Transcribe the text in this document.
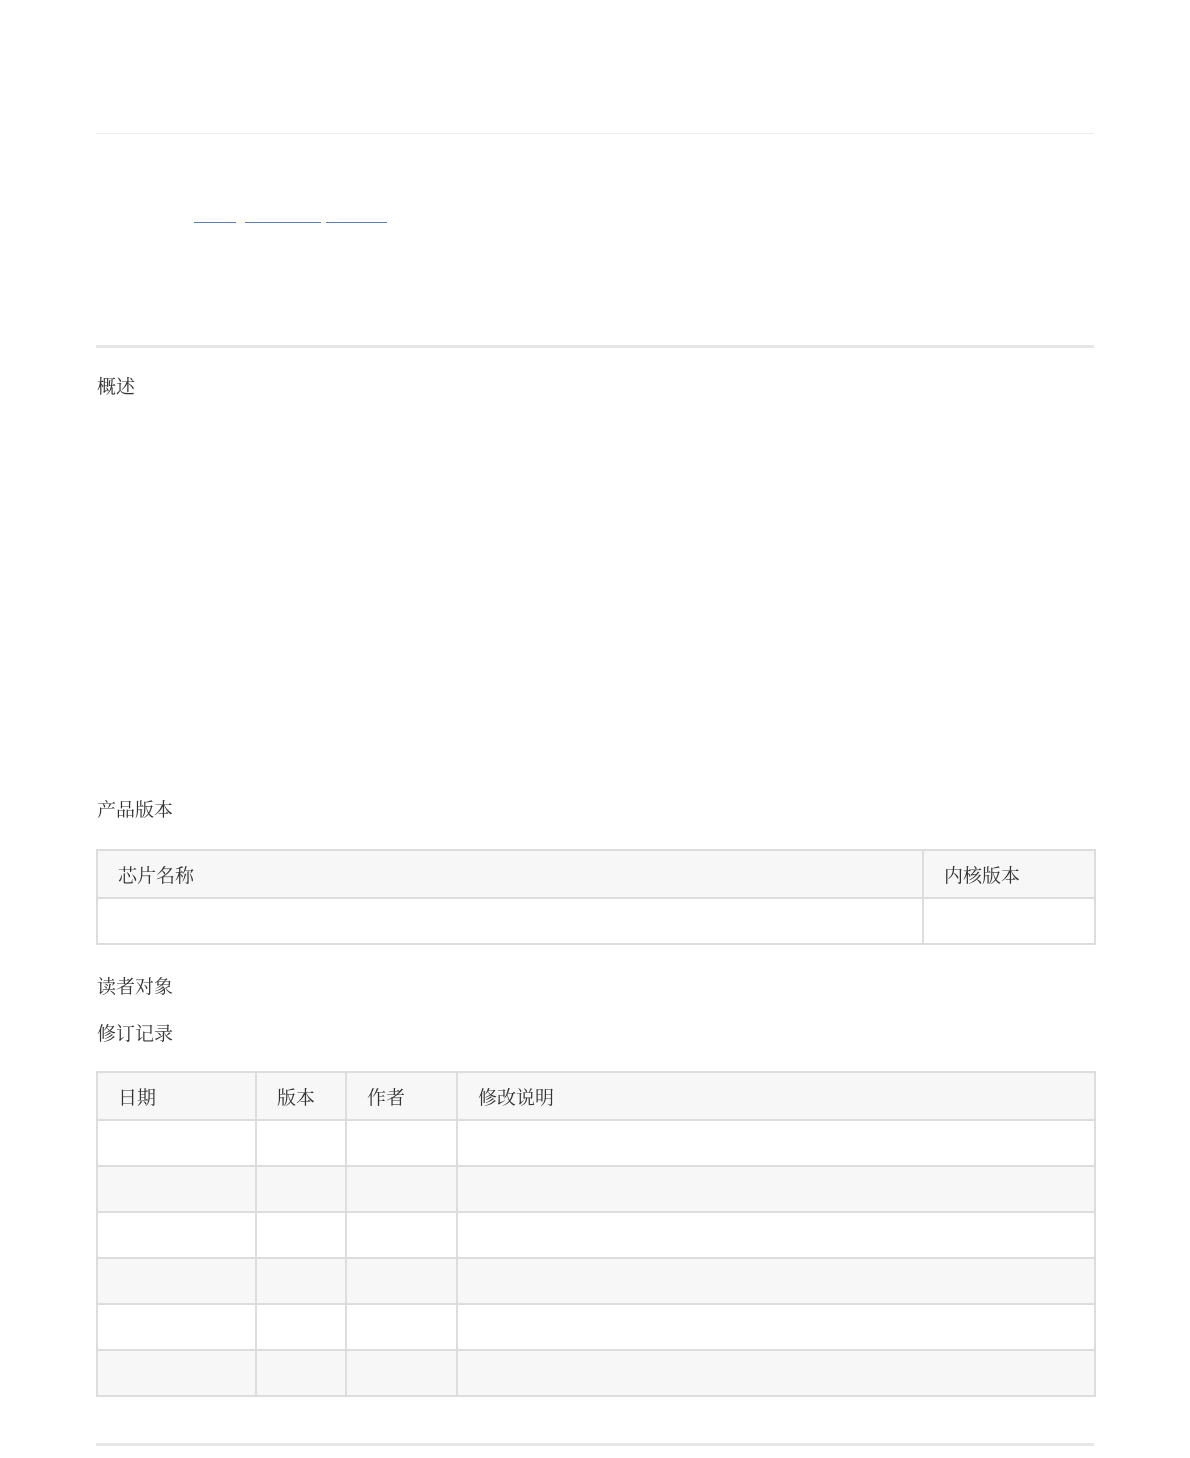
概述
产品版本
芯片名称	内核版本

读者对象
修订记录
日期	版本	作者	修改说明
